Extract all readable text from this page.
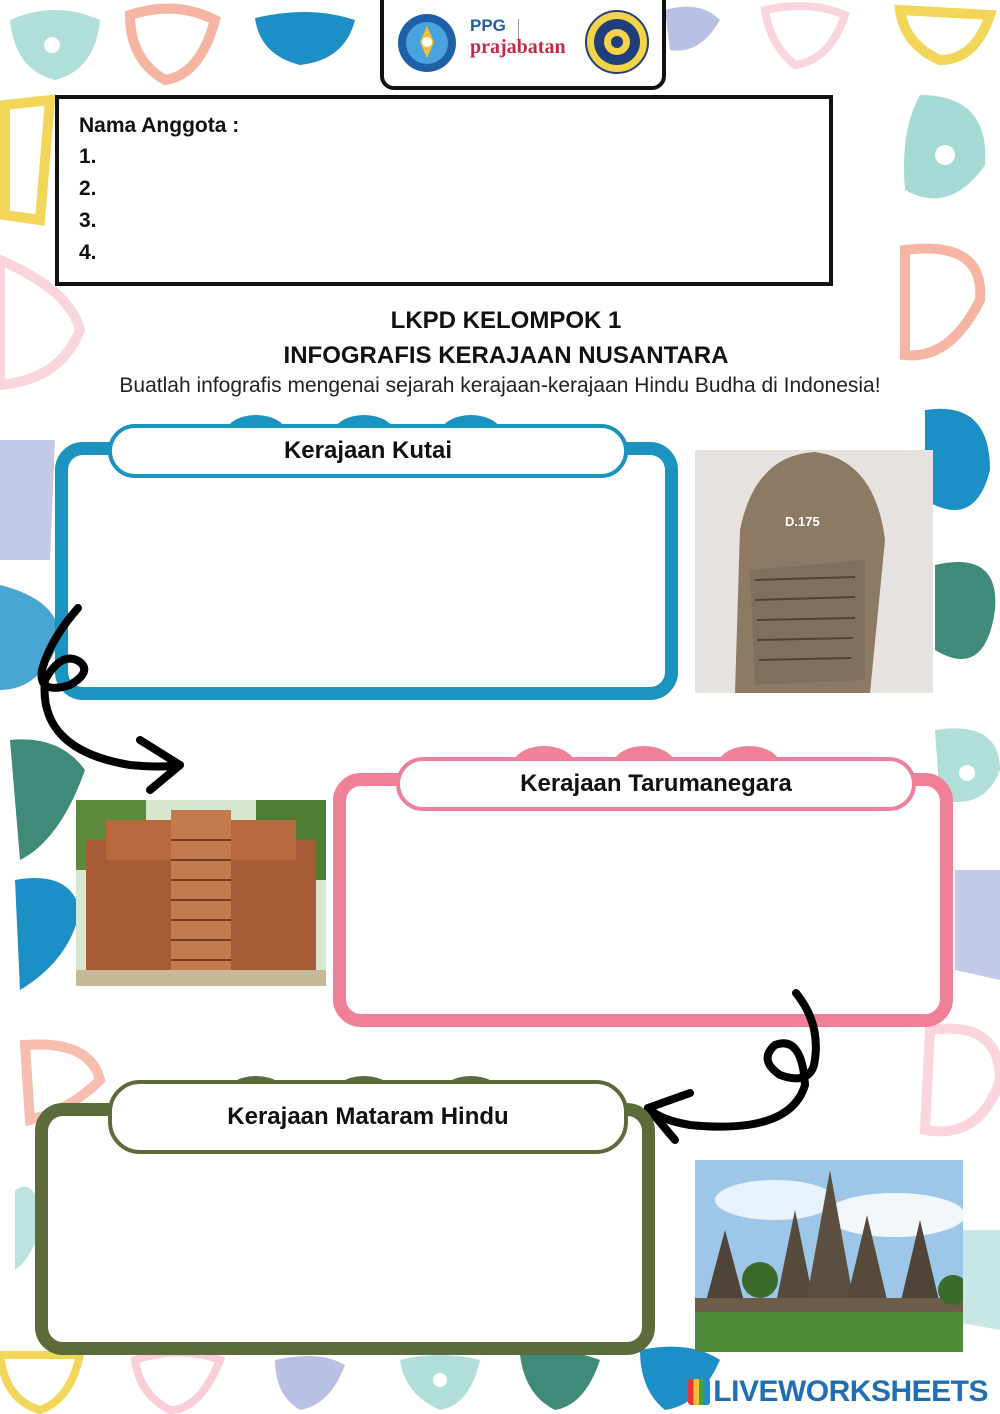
PPG
prajabatan
Nama Anggota :
1.
2.
3.
4.
LKPD KELOMPOK 1
INFOGRAFIS KERAJAAN NUSANTARA
Buatlah infografis mengenai sejarah kerajaan-kerajaan Hindu Budha di Indonesia!
Kerajaan Kutai
D.175
Kerajaan Tarumanegara
Kerajaan Mataram Hindu
LIVEWORKSHEETS
